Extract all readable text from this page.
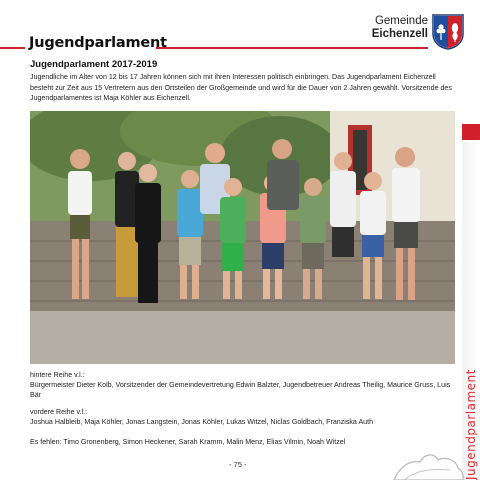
Jugendparlament
Gemeinde
Eichenzell
Jugendparlament 2017-2019
Jugendliche im Alter von 12 bis 17 Jahren können sich mit ihren Interessen politisch einbringen. Das Jugendparlament Eichenzell besteht zur Zeit aus 15 Vertretern aus den Ortsteilen der Großgemeinde und wird für die Dauer von 2 Jahren gewählt. Vorsitzende des Jugendparlamentes ist Maja Köhler aus Eichenzell.
hintere Reihe v.l.:
Bürgermeister Dieter Kolb, Vorsitzender der Gemeindevertretung Edwin Balzter, Jugendbetreuer Andreas Theilig, Maurice Gruss, Luis Bär
vordere Reihe v.l.:
Joshua Halbleib, Maja Köhler, Jonas Langstein, Jonas Köhler, Lukas Witzel, Niclas Goldbach, Franziska Auth
Es fehlen: Timo Gronenberg, Simon Heckener, Sarah Kramm, Malin Menz, Elias Vilmin, Noah Witzel
- 75 -	Jugendparlament
